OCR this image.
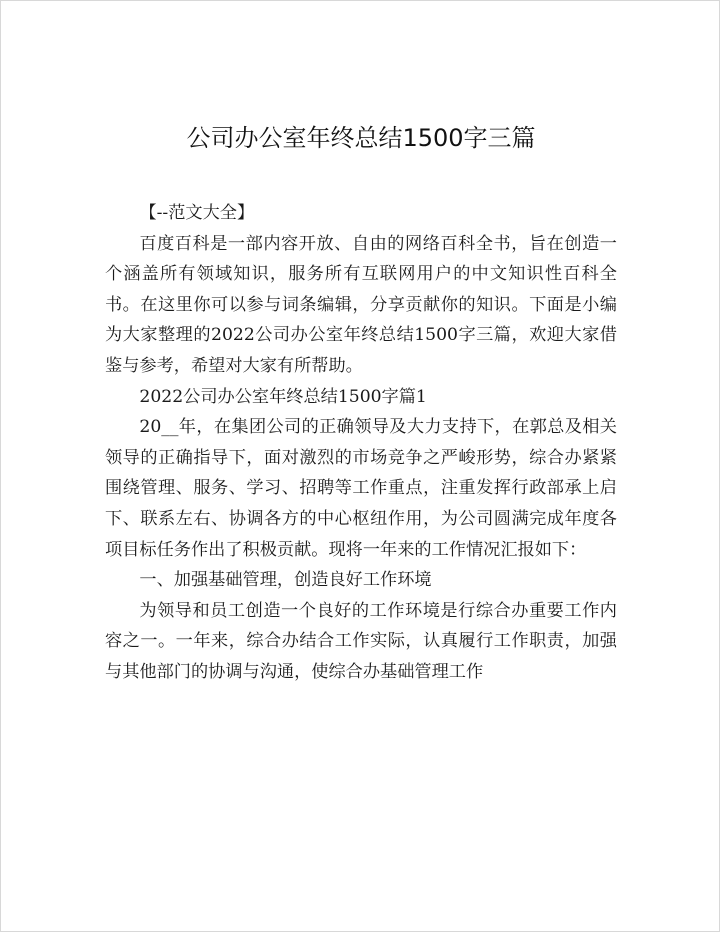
公司办公室年终总结1500字三篇

【--范文大全】

百度百科是一部内容开放、自由的网络百科全书，旨在创造一个涵盖所有领域知识，服务所有互联网用户的中文知识性百科全书。在这里你可以参与词条编辑，分享贡献你的知识。下面是小编为大家整理的2022公司办公室年终总结1500字三篇，欢迎大家借鉴与参考，希望对大家有所帮助。

2022公司办公室年终总结1500字篇1

20__年，在集团公司的正确领导及大力支持下，在郭总及相关领导的正确指导下，面对激烈的市场竞争之严峻形势，综合办紧紧围绕管理、服务、学习、招聘等工作重点，注重发挥行政部承上启下、联系左右、协调各方的中心枢纽作用，为公司圆满完成年度各项目标任务作出了积极贡献。现将一年来的工作情况汇报如下：

一、加强基础管理，创造良好工作环境

为领导和员工创造一个良好的工作环境是行综合办重要工作内容之一。一年来，综合办结合工作实际，认真履行工作职责，加强与其他部门的协调与沟通，使综合办基础管理工作
